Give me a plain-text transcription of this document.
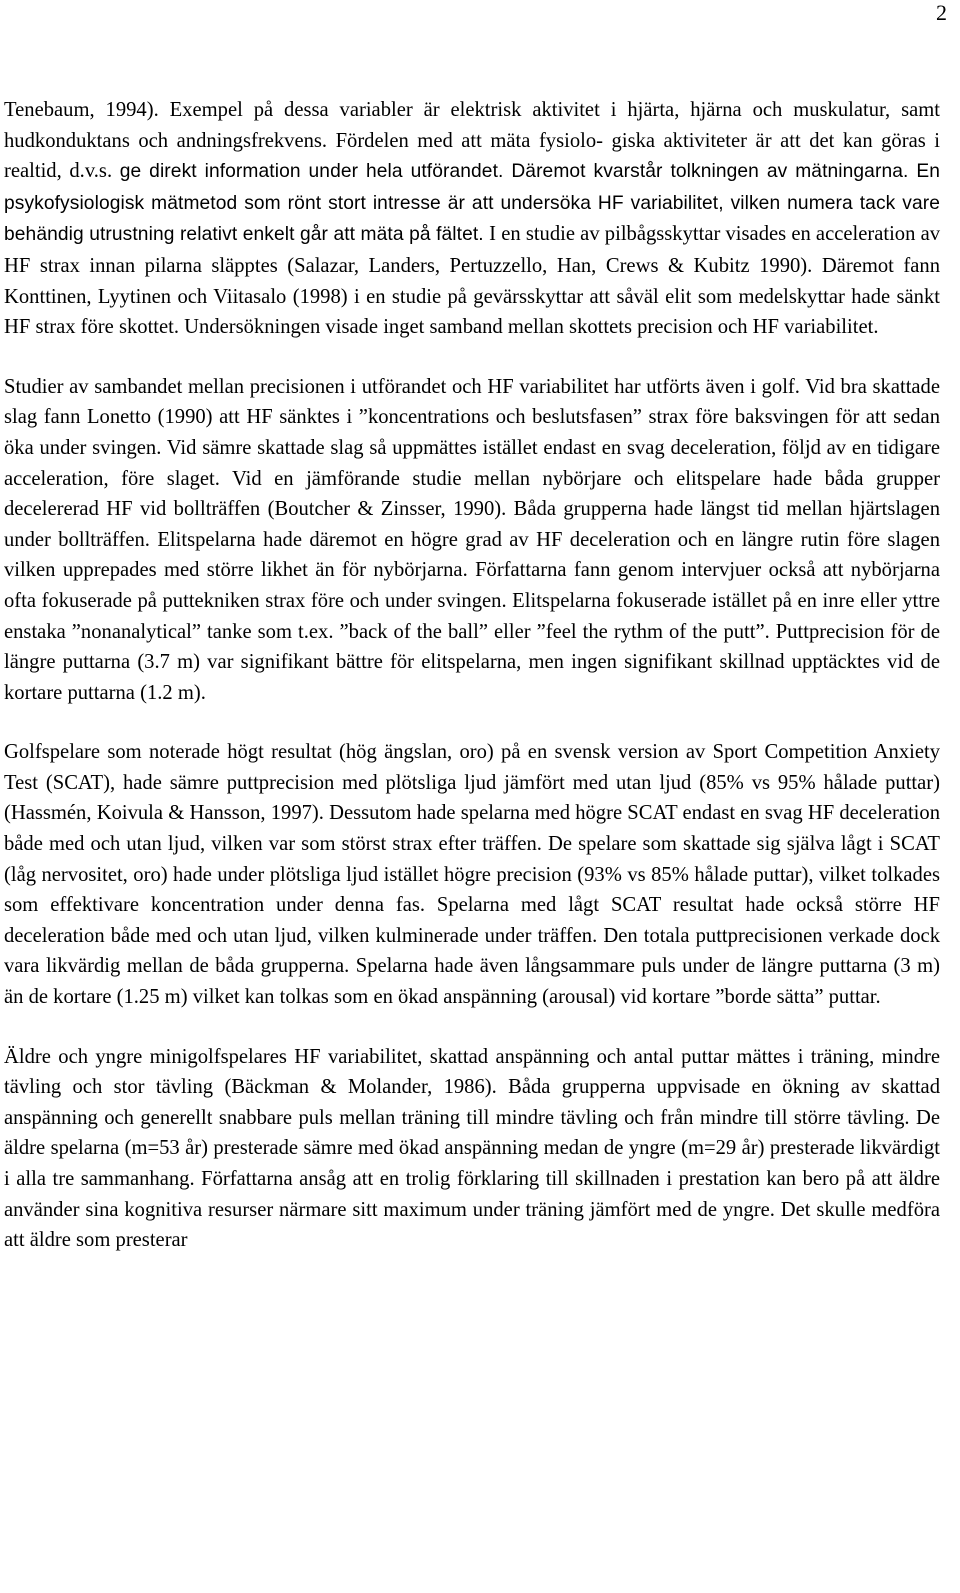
2

Tenebaum, 1994). Exempel på dessa variabler är elektrisk aktivitet i hjärta, hjärna och muskulatur, samt hudkonduktans och andningsfrekvens. Fördelen med att mäta fysiolo- giska aktiviteter är att det kan göras i realtid, d.v.s. ge direkt information under hela utförandet. Däremot kvarstår tolkningen av mätningarna. En psykofysiologisk mätmetod som rönt stort intresse är att undersöka HF variabilitet, vilken numera tack vare behändig utrustning relativt enkelt går att mäta på fältet. I en studie av pilbågsskyttar visades en acceleration av HF strax innan pilarna släpptes (Salazar, Landers, Pertuzzello, Han, Crews & Kubitz 1990). Däremot fann Konttinen, Lyytinen och Viitasalo (1998) i en studie på gevärsskyttar att såväl elit som medelskyttar hade sänkt HF strax före skottet. Undersökningen visade inget samband mellan skottets precision och HF variabilitet.

Studier av sambandet mellan precisionen i utförandet och HF variabilitet har utförts även i golf. Vid bra skattade slag fann Lonetto (1990) att HF sänktes i ”koncentrations och beslutsfasen” strax före baksvingen för att sedan öka under svingen. Vid sämre skattade slag så uppmättes istället endast en svag deceleration, följd av en tidigare acceleration, före slaget. Vid en jämförande studie mellan nybörjare och elitspelare hade båda grupper decelererad HF vid bollträffen (Boutcher & Zinsser, 1990). Båda grupperna hade längst tid mellan hjärtslagen under bollträffen. Elitspelarna hade däremot en högre grad av HF deceleration och en längre rutin före slagen vilken upprepades med större likhet än för nybörjarna. Författarna fann genom intervjuer också att nybörjarna ofta fokuserade på puttekniken strax före och under svingen. Elitspelarna fokuserade istället på en inre eller yttre enstaka ”nonanalytical” tanke som t.ex. ”back of the ball” eller ”feel the rythm of the putt”. Puttprecision för de längre puttarna (3.7 m) var signifikant bättre för elitspelarna, men ingen signifikant skillnad upptäcktes vid de kortare puttarna (1.2 m).

Golfspelare som noterade högt resultat (hög ängslan, oro) på en svensk version av Sport Competition Anxiety Test (SCAT), hade sämre puttprecision med plötsliga ljud jämfört med utan ljud (85% vs 95% hålade puttar) (Hassmén, Koivula & Hansson, 1997). Dessutom hade spelarna med högre SCAT endast en svag HF deceleration både med och utan ljud, vilken var som störst strax efter träffen. De spelare som skattade sig själva lågt i SCAT (låg nervositet, oro) hade under plötsliga ljud istället högre precision (93% vs 85% hålade puttar), vilket tolkades som effektivare koncentration under denna fas. Spelarna med lågt SCAT resultat hade också större HF deceleration både med och utan ljud, vilken kulminerade under träffen. Den totala puttprecisionen verkade dock vara likvärdig mellan de båda grupperna. Spelarna hade även långsammare puls under de längre puttarna (3 m) än de kortare (1.25 m) vilket kan tolkas som en ökad anspänning (arousal) vid kortare ”borde sätta” puttar.

Äldre och yngre minigolfspelares HF variabilitet, skattad anspänning och antal puttar mättes i träning, mindre tävling och stor tävling (Bäckman & Molander, 1986). Båda grupperna uppvisade en ökning av skattad anspänning och generellt snabbare puls mellan träning till mindre tävling och från mindre till större tävling. De äldre spelarna (m=53 år) presterade sämre med ökad anspänning medan de yngre (m=29 år) presterade likvärdigt i alla tre sammanhang. Författarna ansåg att en trolig förklaring till skillnaden i prestation kan bero på att äldre använder sina kognitiva resurser närmare sitt maximum under träning jämfört med de yngre. Det skulle medföra att äldre som presterar
